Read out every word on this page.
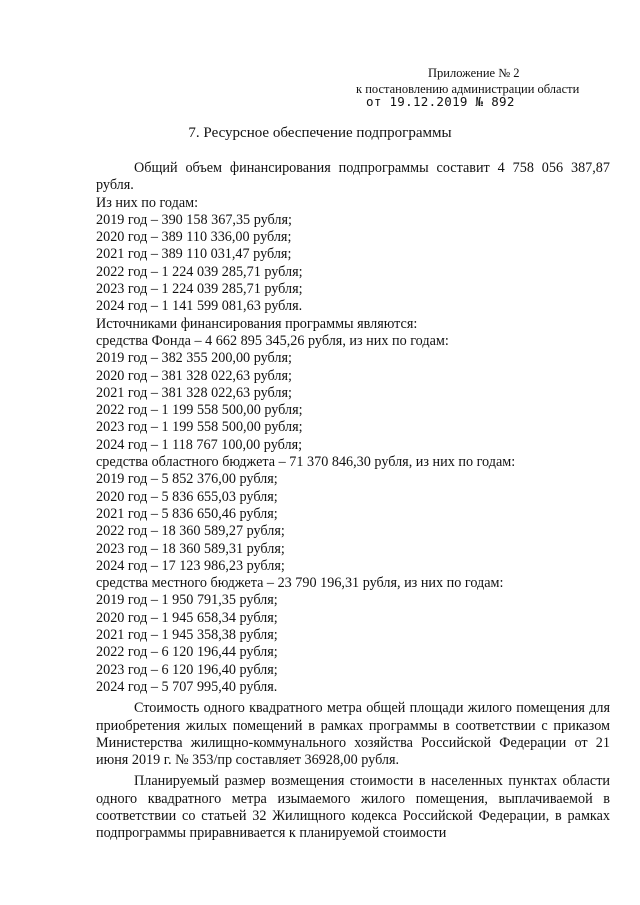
Приложение № 2
к постановлению администрации области
от 19.12.2019 № 892
7. Ресурсное обеспечение подпрограммы
Общий объем финансирования подпрограммы составит 4 758 056 387,87
рубля.
Из них по годам:
2019 год – 390 158 367,35 рубля;
2020 год – 389 110 336,00 рубля;
2021 год – 389 110 031,47 рубля;
2022 год – 1 224 039 285,71 рубля;
2023 год – 1 224 039 285,71 рубля;
2024 год – 1 141 599 081,63 рубля.
Источниками финансирования программы являются:
средства Фонда – 4 662 895 345,26 рубля, из них по годам:
2019 год – 382 355 200,00 рубля;
2020 год – 381 328 022,63 рубля;
2021 год – 381 328 022,63 рубля;
2022 год – 1 199 558 500,00 рубля;
2023 год – 1 199 558 500,00 рубля;
2024 год – 1 118 767 100,00 рубля;
средства областного бюджета – 71 370 846,30 рубля, из них по годам:
2019 год – 5 852 376,00 рубля;
2020 год – 5 836 655,03 рубля;
2021 год – 5 836 650,46 рубля;
2022 год – 18 360 589,27 рубля;
2023 год – 18 360 589,31 рубля;
2024 год – 17 123 986,23 рубля;
средства местного бюджета – 23 790 196,31 рубля, из них по годам:
2019 год – 1 950 791,35 рубля;
2020 год – 1 945 658,34 рубля;
2021 год – 1 945 358,38 рубля;
2022 год – 6 120 196,44 рубля;
2023 год – 6 120 196,40 рубля;
2024 год – 5 707 995,40 рубля.
Стоимость одного квадратного метра общей площади жилого помещения для приобретения жилых помещений в рамках программы в соответствии с приказом Министерства жилищно-коммунального хозяйства Российской Федерации от 21 июня 2019 г. № 353/пр составляет 36928,00 рубля.
Планируемый размер возмещения стоимости в населенных пунктах области одного квадратного метра изымаемого жилого помещения, выплачиваемой в соответствии со статьей 32 Жилищного кодекса Российской Федерации, в рамках подпрограммы приравнивается к планируемой стоимости
